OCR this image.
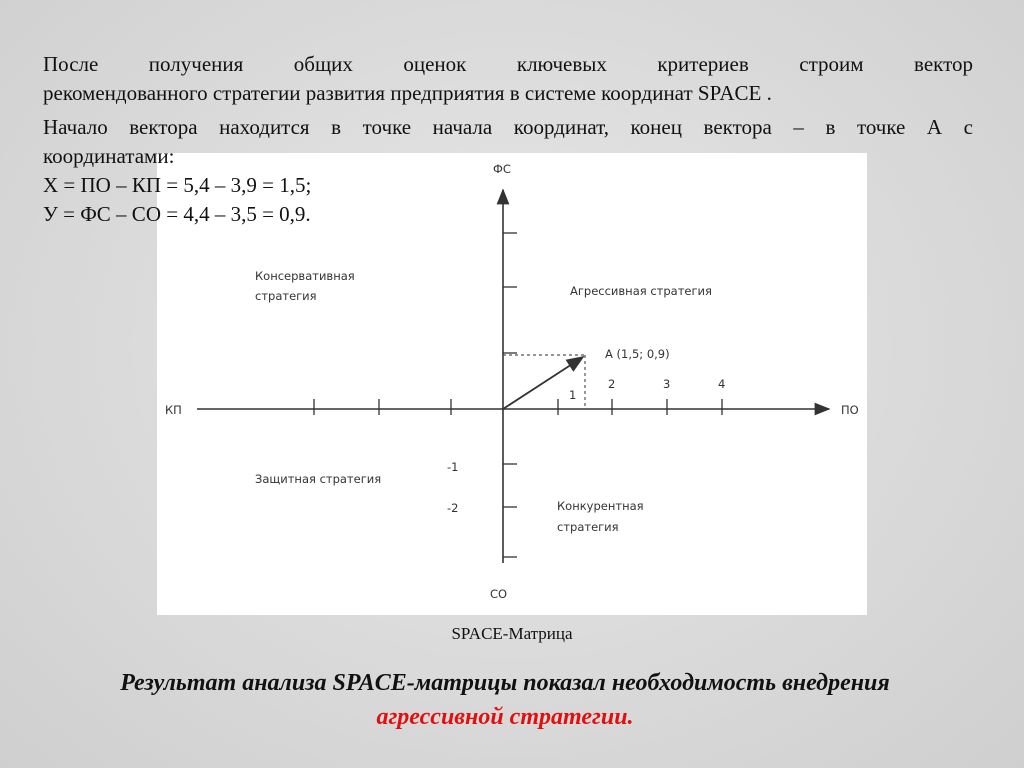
После получения общих оценок ключевых критериев строим вектор

рекомендованного стратегии развития предприятия в системе координат SPACE .

Начало вектора находится в точке начала координат, конец вектора – в точке А с

ФС
СО
КП	ПО
1
2	3	4
-1
-2
А (1,5; 0,9)
Консервативная
стратегия	Агрессивная стратегия
Защитная стратегия
Конкурентная
стратегия

координатами:

X = ПО – КП = 5,4 – 3,9 = 1,5;

У = ФС – СО = 4,4 – 3,5 = 0,9.

SPACE-Матрица
Результат анализа SPACE-матрицы показал необходимость внедрения
агрессивной стратегии.
